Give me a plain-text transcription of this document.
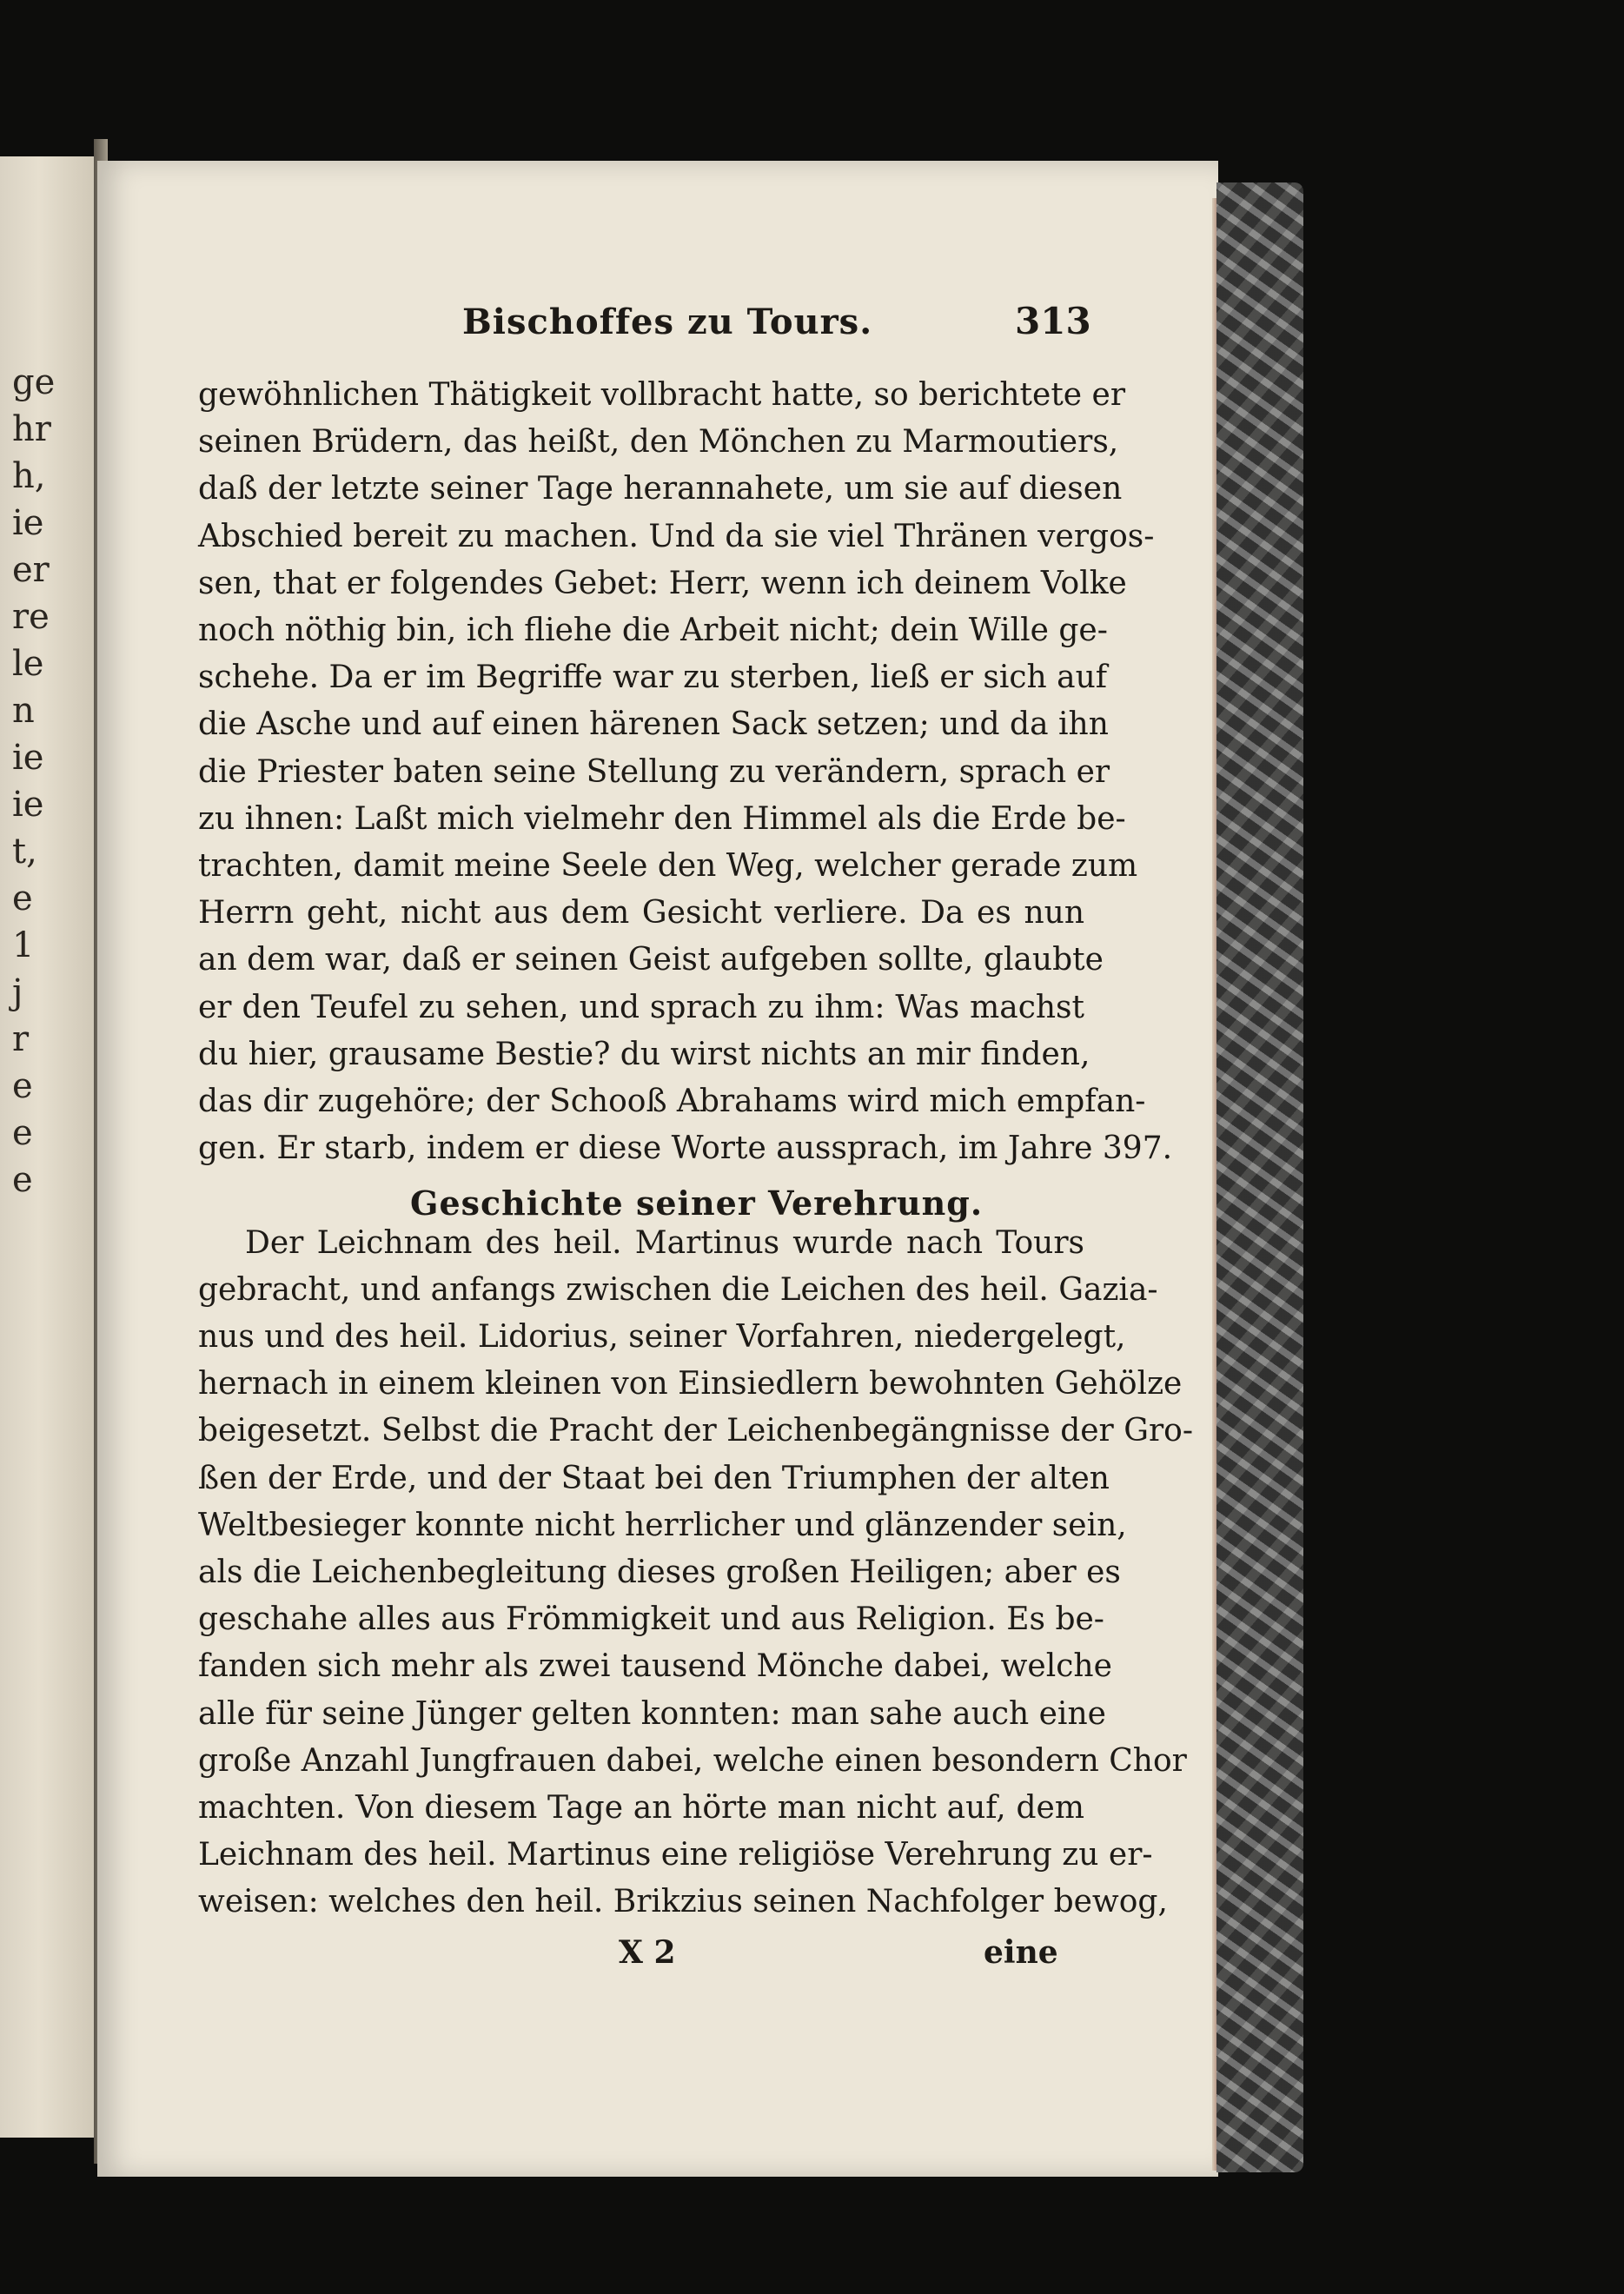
ge
hr
h,
ie
er
re
le
n
ie
ie
t,
e
1
j
r
e
e
e
Bischoffes zu Tours.	313
gewöhnlichen Thätigkeit vollbracht hatte, so berichtete er
seinen Brüdern, das heißt, den Mönchen zu Marmoutiers,
daß der letzte seiner Tage herannahete, um sie auf diesen
Abschied bereit zu machen. Und da sie viel Thränen vergos-
sen, that er folgendes Gebet: Herr, wenn ich deinem Volke
noch nöthig bin, ich fliehe die Arbeit nicht; dein Wille ge-
schehe. Da er im Begriffe war zu sterben, ließ er sich auf
die Asche und auf einen härenen Sack setzen; und da ihn
die Priester baten seine Stellung zu verändern, sprach er
zu ihnen: Laßt mich vielmehr den Himmel als die Erde be-
trachten, damit meine Seele den Weg, welcher gerade zum
Herrn geht, nicht aus dem Gesicht verliere. Da es nun
an dem war, daß er seinen Geist aufgeben sollte, glaubte
er den Teufel zu sehen, und sprach zu ihm: Was machst
du hier, grausame Bestie? du wirst nichts an mir finden,
das dir zugehöre; der Schooß Abrahams wird mich empfan-
gen. Er starb, indem er diese Worte aussprach, im Jahre 397.
Geschichte seiner Verehrung.
Der Leichnam des heil. Martinus wurde nach Tours
gebracht, und anfangs zwischen die Leichen des heil. Gazia-
nus und des heil. Lidorius, seiner Vorfahren, niedergelegt,
hernach in einem kleinen von Einsiedlern bewohnten Gehölze
beigesetzt. Selbst die Pracht der Leichenbegängnisse der Gro-
ßen der Erde, und der Staat bei den Triumphen der alten
Weltbesieger konnte nicht herrlicher und glänzender sein,
als die Leichenbegleitung dieses großen Heiligen; aber es
geschahe alles aus Frömmigkeit und aus Religion. Es be-
fanden sich mehr als zwei tausend Mönche dabei, welche
alle für seine Jünger gelten konnten: man sahe auch eine
große Anzahl Jungfrauen dabei, welche einen besondern Chor
machten. Von diesem Tage an hörte man nicht auf, dem
Leichnam des heil. Martinus eine religiöse Verehrung zu er-
weisen: welches den heil. Brikzius seinen Nachfolger bewog,
X 2	eine
